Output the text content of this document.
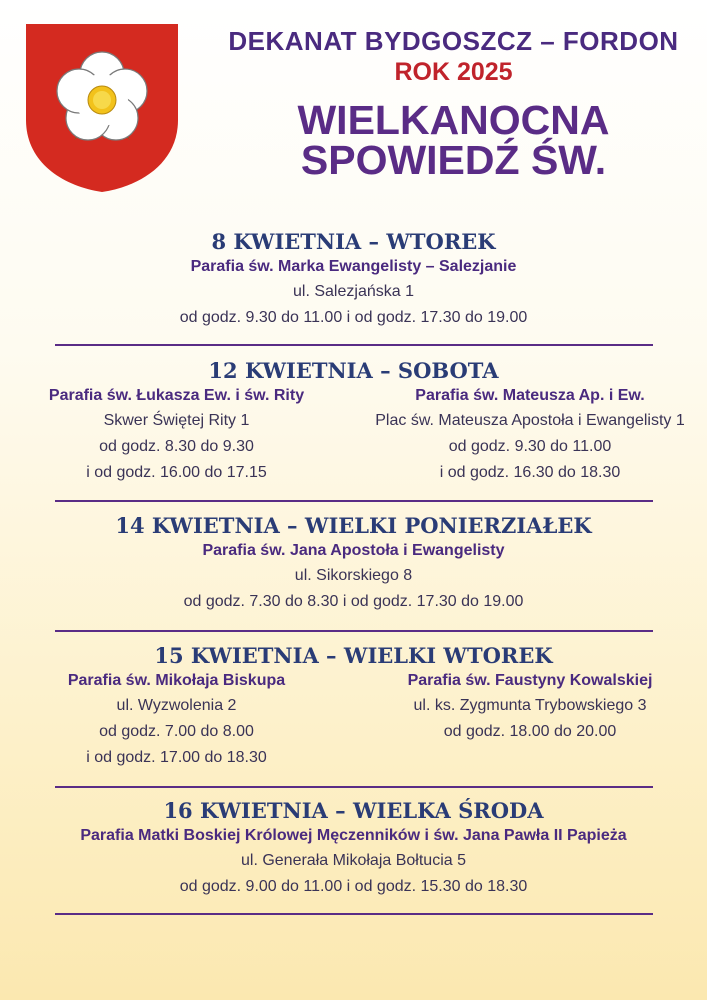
DEKANAT BYDGOSZCZ – FORDON
ROK 2025
WIELKANOCNA
SPOWIEDŹ ŚW.
8 KWIETNIA – WTOREK
Parafia św. Marka Ewangelisty – Salezjanie
ul. Salezjańska 1
od godz. 9.30 do 11.00 i od godz. 17.30 do 19.00
12 KWIETNIA – SOBOTA
Parafia św. Łukasza Ew. i św. Rity
Skwer Świętej Rity 1
od godz. 8.30 do 9.30
i od godz. 16.00 do 17.15
Parafia św. Mateusza Ap. i Ew.
Plac św. Mateusza Apostoła i Ewangelisty 1
od godz. 9.30 do 11.00
i od godz. 16.30 do 18.30
14 KWIETNIA – WIELKI PONIERZIAŁEK
Parafia św. Jana Apostoła i Ewangelisty
ul. Sikorskiego 8
od godz. 7.30 do 8.30 i od godz. 17.30 do 19.00
15 KWIETNIA – WIELKI WTOREK
Parafia św. Mikołaja Biskupa
ul. Wyzwolenia 2
od godz. 7.00 do 8.00
i od godz. 17.00 do 18.30
Parafia św. Faustyny Kowalskiej
ul. ks. Zygmunta Trybowskiego 3
od godz. 18.00 do 20.00
16 KWIETNIA – WIELKA ŚRODA
Parafia Matki Boskiej Królowej Męczenników i św. Jana Pawła II Papieża
ul. Generała Mikołaja Bołtucia 5
od godz. 9.00 do 11.00 i od godz. 15.30 do 18.30
